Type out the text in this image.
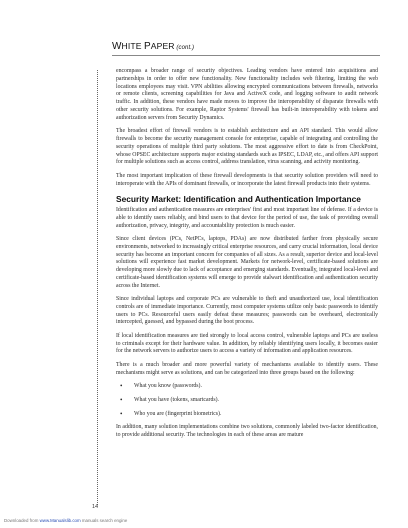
WHITE PAPER (cont.)

encompass a broader range of security objectives. Leading vendors have entered into acquisitions and partnerships in order to offer new functionality. New functionality includes web filtering, limiting the web locations employees may visit. VPN abilities allowing encrypted communications between firewalls, networks or remote clients, screening capabilities for Java and ActiveX code, and logging software to audit network traffic. In addition, these vendors have made moves to improve the interoperability of disparate firewalls with other security solutions. For example, Raptor Systems' firewall has built-in interoperability with tokens and authorization servers from Security Dynamics.

The broadest effort of firewall vendors is to establish architecture and an API standard. This would allow firewalls to become the security management console for enterprise, capable of integrating and controlling the security operations of multiple third party solutions. The most aggressive effort to date is from CheckPoint, whose OPSEC architecture supports major existing standards such as IPSEC, LDAP, etc., and offers API support for multiple solutions such as access control, address translation, virus scanning, and activity monitoring.

The most important implication of these firewall developments is that security solution providers will need to interoperate with the APIs of dominant firewalls, or incorporate the latest firewall products into their systems.

Security Market: Identification and Authentication Importance

Identification and authentication measures are enterprises' first and most important line of defense. If a device is able to identify users reliably, and bind users to that device for the period of use, the task of providing overall authorization, privacy, integrity, and accountability protection is much easier.

Since client devices (PCs, NetPCs, laptops, PDAs) are now distributed farther from physically secure environments, networked to increasingly critical enterprise resources, and carry crucial information, local device security has become an important concern for companies of all sizes. As a result, superior device and local-level solutions will experience fast market development. Markets for network-level, certificate-based solutions are developing more slowly due to lack of acceptance and emerging standards. Eventually, integrated local-level and certificate-based identification systems will emerge to provide stalwart identification and authentication security across the Internet.

Since individual laptops and corporate PCs are vulnerable to theft and unauthorized use, local identification controls are of immediate importance. Currently, most computer systems utilize only basic passwords to identify users to PCs. Resourceful users easily defeat these measures; passwords can be overheard, electronically intercepted, guessed, and bypassed during the boot process.

If local identification measures are tied strongly to local access control, vulnerable laptops and PCs are useless to criminals except for their hardware value. In addition, by reliably identifying users locally, it becomes easier for the network servers to authorize users to access a variety of information and application resources.

There is a much broader and more powerful variety of mechanisms available to identify users. These mechanisms might serve as solutions, and can be categorized into three groups based on the following:

• What you know (passwords).
• What you have (tokens, smartcards).
• Who you are (fingerprint biometrics).

In addition, many solution implementations combine two solutions, commonly labeled two-factor identification, to provide additional security. The technologies in each of these areas are mature

14
Downloaded from www.Manualslib.com manuals search engine
